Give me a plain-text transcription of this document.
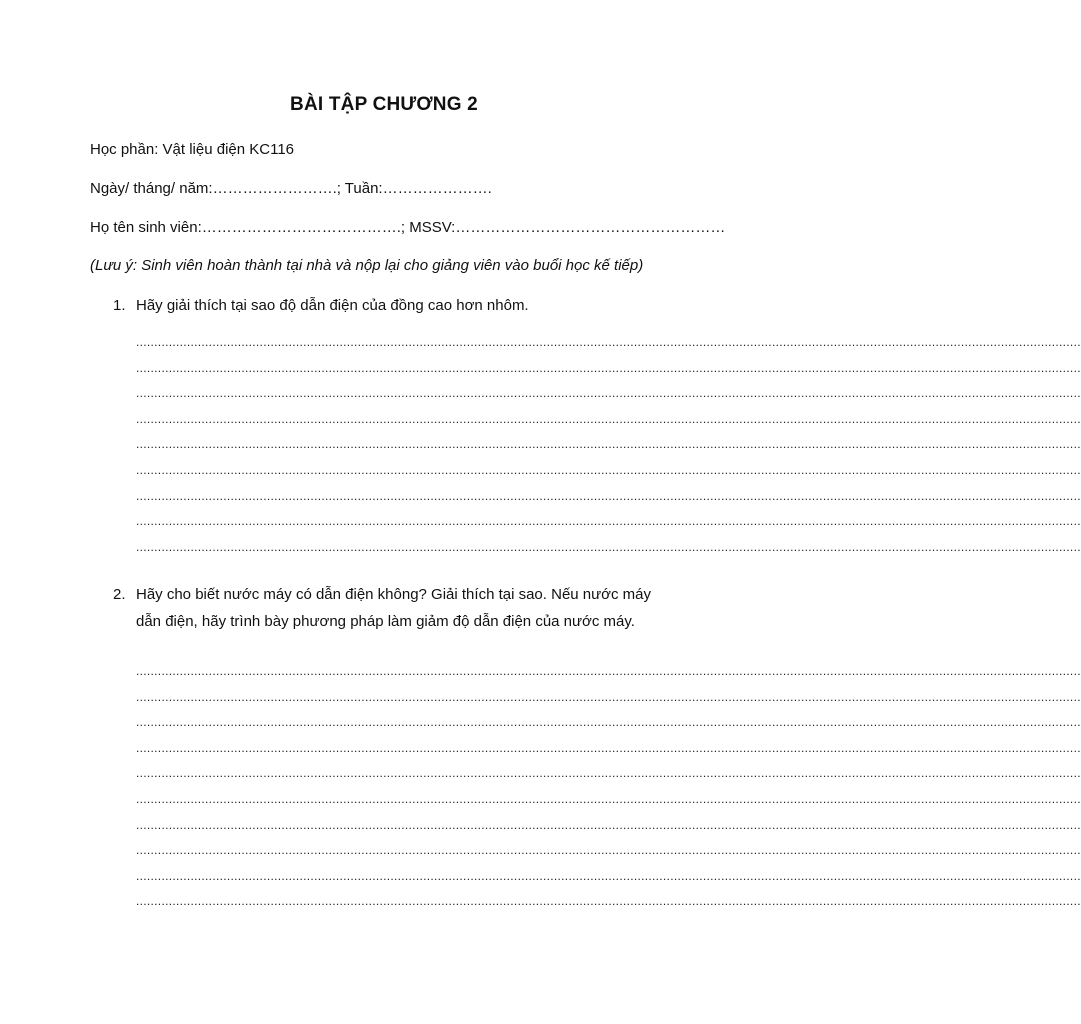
BÀI TẬP CHƯƠNG 2
Học phần: Vật liệu điện KC116
Ngày/ tháng/ năm:…………………….; Tuần:………………….
Họ tên sinh viên:………………………………….; MSSV:………………………………………………
(Lưu ý: Sinh viên hoàn thành tại nhà và nộp lại cho giảng viên vào buổi học kế tiếp)
1. Hãy giải thích tại sao độ dẫn điện của đồng cao hơn nhôm.
....................................................................................................................................................................................................................................................................
....................................................................................................................................................................................................................................................................
....................................................................................................................................................................................................................................................................
....................................................................................................................................................................................................................................................................
....................................................................................................................................................................................................................................................................
....................................................................................................................................................................................................................................................................
....................................................................................................................................................................................................................................................................
....................................................................................................................................................................................................................................................................
....................................................................................................................................................................................................................................................................
2. Hãy cho biết nước máy có dẫn điện không? Giải thích tại sao. Nếu nước máy dẫn điện, hãy trình bày phương pháp làm giảm độ dẫn điện của nước máy.
....................................................................................................................................................................................................................................................................
....................................................................................................................................................................................................................................................................
....................................................................................................................................................................................................................................................................
....................................................................................................................................................................................................................................................................
....................................................................................................................................................................................................................................................................
....................................................................................................................................................................................................................................................................
....................................................................................................................................................................................................................................................................
....................................................................................................................................................................................................................................................................
....................................................................................................................................................................................................................................................................
....................................................................................................................................................................................................................................................................
